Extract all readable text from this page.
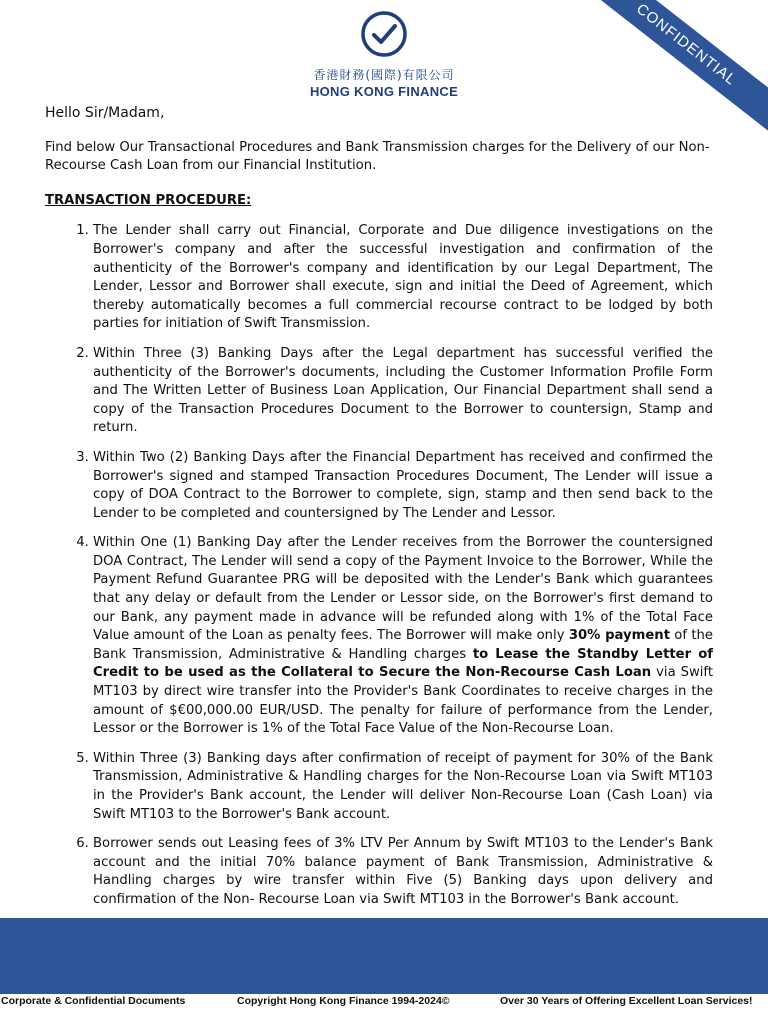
香港財務(國際)有限公司
HONG KONG FINANCE
CONFIDENTIAL

Hello Sir/Madam,

Find below Our Transactional Procedures and Bank Transmission charges for the Delivery of our Non-Recourse Cash Loan from our Financial Institution.

TRANSACTION PROCEDURE:

1. The Lender shall carry out Financial, Corporate and Due diligence investigations on the Borrower's company and after the successful investigation and confirmation of the authenticity of the Borrower's company and identification by our Legal Department, The Lender, Lessor and Borrower shall execute, sign and initial the Deed of Agreement, which thereby automatically becomes a full commercial recourse contract to be lodged by both parties for initiation of Swift Transmission.
2. Within Three (3) Banking Days after the Legal department has successful verified the authenticity of the Borrower's documents, including the Customer Information Profile Form and The Written Letter of Business Loan Application, Our Financial Department shall send a copy of the Transaction Procedures Document to the Borrower to countersign, Stamp and return.
3. Within Two (2) Banking Days after the Financial Department has received and confirmed the Borrower's signed and stamped Transaction Procedures Document, The Lender will issue a copy of DOA Contract to the Borrower to complete, sign, stamp and then send back to the Lender to be completed and countersigned by The Lender and Lessor.
4. Within One (1) Banking Day after the Lender receives from the Borrower the countersigned DOA Contract, The Lender will send a copy of the Payment Invoice to the Borrower, While the Payment Refund Guarantee PRG will be deposited with the Lender's Bank which guarantees that any delay or default from the Lender or Lessor side, on the Borrower's first demand to our Bank, any payment made in advance will be refunded along with 1% of the Total Face Value amount of the Loan as penalty fees. The Borrower will make only 30% payment of the Bank Transmission, Administrative & Handling charges to Lease the Standby Letter of Credit to be used as the Collateral to Secure the Non-Recourse Cash Loan via Swift MT103 by direct wire transfer into the Provider's Bank Coordinates to receive charges in the amount of $€00,000.00 EUR/USD. The penalty for failure of performance from the Lender, Lessor or the Borrower is 1% of the Total Face Value of the Non-Recourse Loan.
5. Within Three (3) Banking days after confirmation of receipt of payment for 30% of the Bank Transmission, Administrative & Handling charges for the Non-Recourse Loan via Swift MT103 in the Provider's Bank account, the Lender will deliver Non-Recourse Loan (Cash Loan) via Swift MT103 to the Borrower's Bank account.
6. Borrower sends out Leasing fees of 3% LTV Per Annum by Swift MT103 to the Lender's Bank account and the initial 70% balance payment of Bank Transmission, Administrative & Handling charges by wire transfer within Five (5) Banking days upon delivery and confirmation of the Non- Recourse Loan via Swift MT103 in the Borrower's Bank account.
7.
Corporate & Confidential Documents	Copyright Hong Kong Finance 1994-2024©	Over 30 Years of Offering Excellent Loan Services!
